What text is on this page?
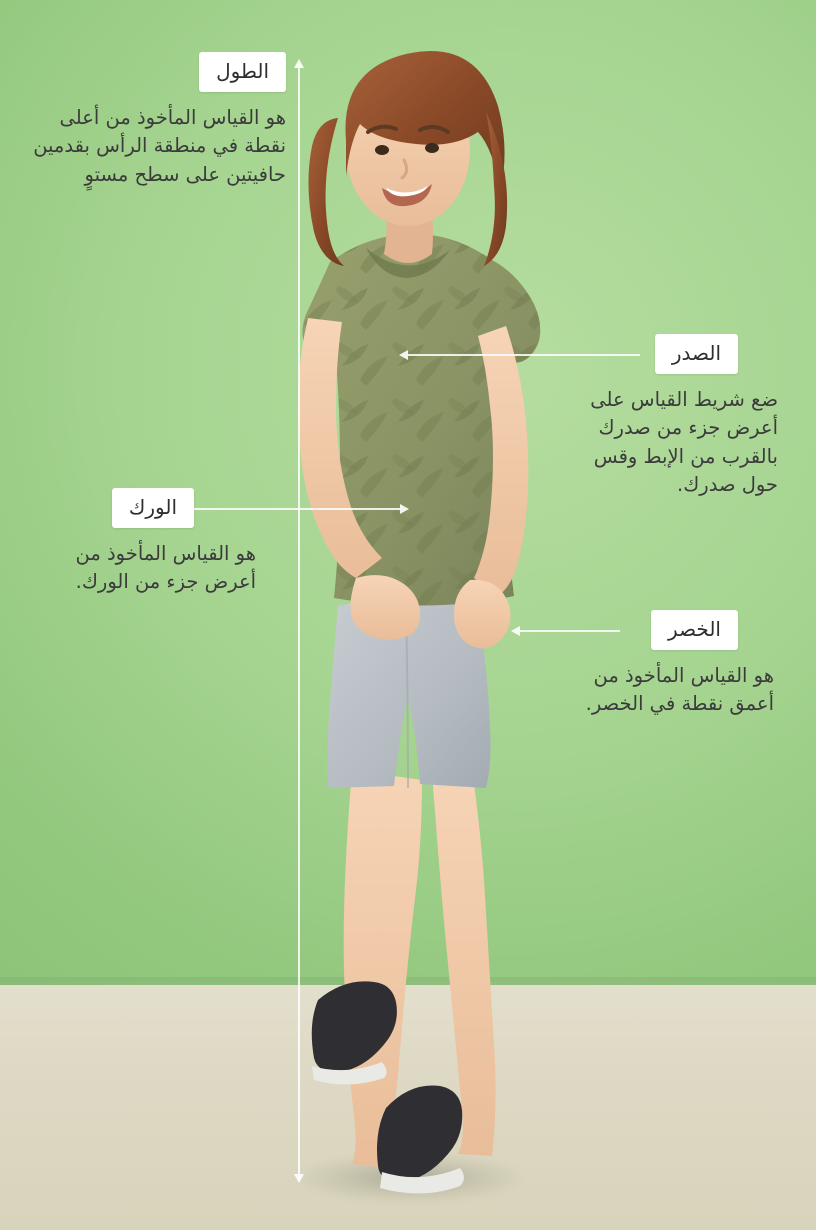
الطول
هو القياس المأخوذ من أعلى نقطة في منطقة الرأس بقدمين حافيتين على سطح مستوٍ
الصدر
ضع شريط القياس على أعرض جزء من صدرك بالقرب من الإبط وقس حول صدرك.
الورك
هو القياس المأخوذ من أعرض جزء من الورك.
الخصر
هو القياس المأخوذ من أعمق نقطة في الخصر.
